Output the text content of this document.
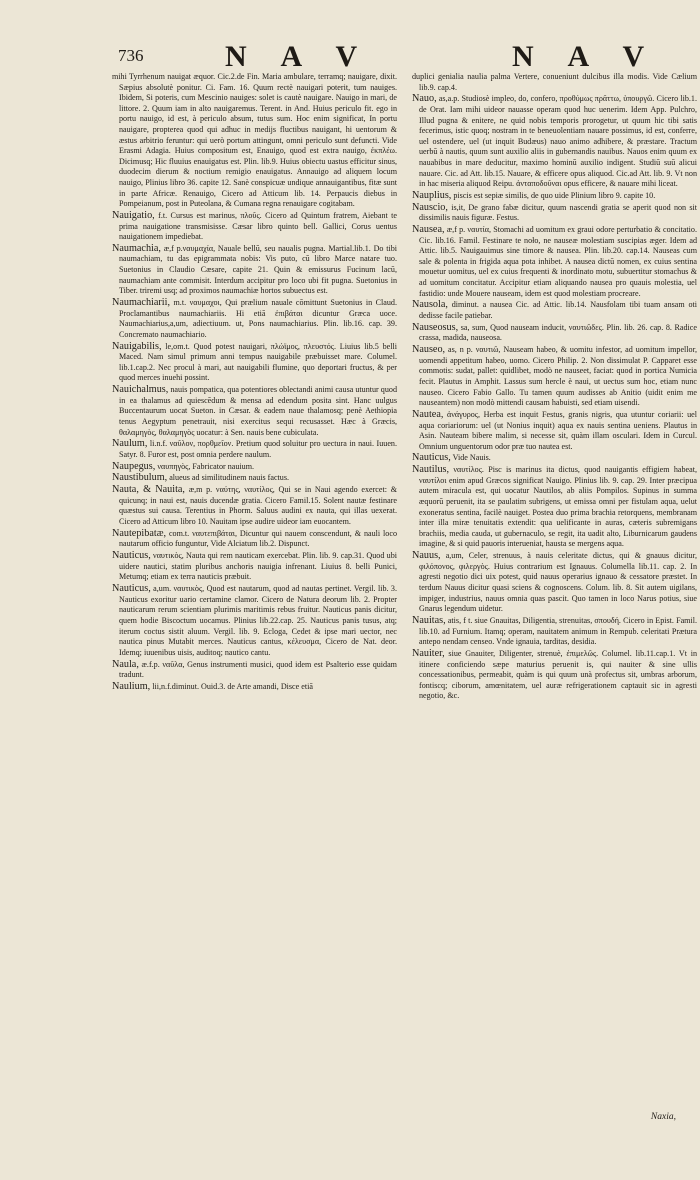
736	N A V	N A V

mihi Tyrrhenum nauigat æquor. Cic.2.de Fin. Maria ambulare, terramq; nauigare, dixit. Sæpius absolutè ponitur. Ci. Fam. 16. Quum rectè nauigari poterit, tum nauiges. Ibidem, Si poteris, cum Mescinio nauiges: solet is cautè nauigare. Nauigo in mari, de littore. 2. Quum iam in alto nauigaremus. Terent. in And. Huius periculo fit. ego in portu nauigo, id est, à periculo absum, tutus sum. Hoc enim significat, In portu nauigare, propterea quod qui adhuc in medijs fluctibus nauigant, hi uentorum & æstus arbitrio feruntur: qui uerò portum attingunt, omni periculo sunt defuncti. Vide Erasmi Adagia. Huius compositum est, Enauigo, quod est extra nauigo, ἐκπλέω. Dicimusq; Hic fluuius enauigatus est. Plin. lib.9. Huius obiectu uastus efficitur sinus, duodecim dierum & noctium remigio enauigatus. Annauigo ad aliquem locum nauigo, Plinius libro 36. capite 12. Sanè conspicuæ undique annauigantibus, fitæ sunt in parte Africæ. Renauigo, Cicero ad Atticum lib. 14. Perpaucis diebus in Pompeianum, post in Puteolana, & Cumana regna renauigare cogitabam.

Nauigatio, f.t. Cursus est marinus, πλοῦς. Cicero ad Quintum fratrem, Aiebant te prima nauigatione transmisisse. Cæsar libro quinto bell. Gallici, Corus uentus nauigationem impediebat.

Naumachia, æ,f p.ναυμαχία, Nauale bellū, seu naualis pugna. Martial.lib.1. Do tibi naumachiam, tu das epigrammata nobis: Vis puto, cū libro Marce natare tuo. Suetonius in Claudio Cæsare, capite 21. Quin & emissurus Fucinum lacū, naumachiam ante commisit. Interdum accipitur pro loco ubi fit pugna. Suetonius in Tiber. triremi usq; ad proximos naumachiæ hortos subuectus est.

Naumachiarii, m.t. ναυμαχοι, Qui prælium nauale cōmittunt Suetonius in Claud. Proclamantibus naumachiariis. Hi etiā ἐπιβάται dicuntur Græca uoce. Naumachiarius,a,um, adiectiuum. ut, Pons naumachiarius. Plin. lib.16. cap. 39. Concremato naumachiario.

Nauigabilis, le,om.t. Quod potest nauigari, πλώϊμος, πλευστός. Liuius lib.5 belli Maced. Nam simul primum anni tempus nauigabile præbuisset mare. Columel. lib.1.cap.2. Nec procul à mari, aut nauigabili flumine, quo deportari fructus, & per quod merces inuehi possint.

Nauichalmus, nauis pompatica, qua potentiores oblectandi animi causa utuntur quod in ea thalamus ad quiescēdum & mensa ad edendum posita sint. Hanc uulgus Buccentaurum uocat Sueton. in Cæsar. & eadem naue thalamosq; penè Aethiopia tenus Aegyptum penetrauit, nisi exercitus sequi recusasset. Hæc à Græcis, θαλαμηγὸς, θαλαμηγὸς uocatur: à Sen. nauis bene cubiculata.

Naulum, li.n.f. ναῦλον, πορθμεῖον. Pretium quod soluitur pro uectura in naui. Iuuen. Satyr. 8. Furor est, post omnia perdere naulum.

Naupegus, ναυπηγὸς, Fabricator nauium.

Naustibulum, alueus ad similitudinem nauis factus.

Nauta, & Nauita, æ,m p. ναύτης, ναυτίλος, Qui se in Naui agendo exercet: & quicunq; in naui est, nauis ducendæ gratia. Cicero Famil.15. Solent nautæ festinare quæstus sui causa. Terentius in Phorm. Saluus audini ex nauta, qui illas uexerat. Cicero ad Atticum libro 10. Nauitam ipse audire uideor iam euocantem.

Nautepibatæ, com.t. ναυτεπιβάται, Dicuntur qui nauem conscendunt, & nauli loco nautarum officio funguntur, Vide Alciatum lib.2. Dispunct.

Nauticus, ναυτικὸς, Nauta qui rem nauticam exercebat. Plin. lib. 9. cap.31. Quod ubi uidere nautici, statim pluribus anchoris nauigia infrenant. Liuius 8. belli Punici, Metumq; etiam ex terra nauticis præbuit.

Nauticus, a,um. ναυτικὸς, Quod est nautarum, quod ad nautas pertinet. Vergil. lib. 3. Nauticus exoritur uario certamine clamor. Cicero de Natura deorum lib. 2. Propter nauticarum rerum scientiam plurimis maritimis rebus fruitur. Nauticus panis dicitur, quem hodie Biscoctum uocamus. Plinius lib.22.cap. 25. Nauticus panis tusus, atq; iterum coctus sistit aluum. Vergil. lib. 9. Ecloga, Cedet & ipse mari uector, nec nautica pinus Mutabit merces. Nauticus cantus, κέλευσμα, Cicero de Nat. deor. Idemq; iuuenibus uisis, auditoq; nautico cantu.

Naula, æ.f.p. ναῦλα, Genus instrumenti musici, quod idem est Psalterio esse quidam tradunt.

Naulium, lii,n.f.diminut. Ouid.3. de Arte amandi, Disce etiā

duplici genialia naulia palma Vertere, conueniunt dulcibus illa modis. Vide Cælium lib.9. cap.4.

Nauo, as,a.p. Studiosè impleo, do, confero, προθύμως πρᾶττω, ὑπουργῶ. Cicero lib.1. de Orat. Iam mihi uideor nauasse operam quod huc uenerim. Idem App. Pulchro, Illud pugna & enitere, ne quid nobis temporis prorogetur, ut quum hic tibi satis fecerimus, istic quoq; nostram in te beneuolentiam nauare possimus, id est, conferre, uel ostendere, uel (ut inquit Budæus) nauo animo adhibere, & præstare. Tractum uerbū à nautis, quum sunt auxilio aliis in gubernandis nauibus. Nauos enim quum ex nauabibus in mare deducitur, maximo hominū auxilio indigent. Studiū suū alicui nauare. Cic. ad Att. lib.15. Nauare, & efficere opus aliquod. Cic.ad Att. lib. 9. Vt non in hac miseria aliquod Reipu. ἀνταποδοῦναι opus efficere, & nauare mihi liceat.

Nauplius, piscis est sepiæ similis, de quo uide Plinium libro 9. capite 10.

Nauscio, is,it, De grano fabæ dicitur, quum nascendi gratia se aperit quod non sit dissimilis nauis figuræ. Festus.

Nausea, æ,f p. ναυτία, Stomachi ad uomitum ex graui odore perturbatio & concitatio. Cic. lib.16. Famil. Festinare te noło, ne nauseæ molestiam suscipias æger. Idem ad Attic. lib.5. Nauigauimus sine timore & nausea. Plin. lib.20. cap.14. Nauseas cum sale & polenta in frigida aqua pota inhibet. A nausea dictū nomen, ex cuius sentina mouetur uomitus, uel ex cuius frequenti & inordinato motu, subuertitur stomachus & ad uomitum concitatur. Accipitur etiam aliquando nausea pro quauis molestia, uel fastidio: unde Mouere nauseam, idem est quod molestiam procreare.

Nausola, diminut. a nausea Cic. ad Attic. lib.14. Nausfolam tibi tuam ansam oti dedisse facile patiebar.

Nauseosus, sa, sum, Quod nauseam inducit, ναυτιῶδες. Plin. lib. 26. cap. 8. Radice crassa, madida, nauseosa.

Nauseo, as, n p. ναυτιῶ, Nauseam habeo, & uomitu infestor, ad uomitum impellor, uomendi appetitum habeo, uomo. Cicero Philip. 2. Non dissimulat P. Capparet esse commotis: sudat, pallet: quidlibet, modò ne nauseet, faciat: quod in portica Numicia fecit. Plautus in Amphit. Lassus sum hercle è naui, ut uectus sum hoc, etiam nunc nauseo. Cicero Fabio Gallo. Tu tamen quum audisses ab Anitio (uidit enim me nauseantem) non modò mittendi causam habuisti, sed etiam uisendi.

Nautea, ἀνάγυρος, Herba est inquit Festus, granis nigris, qua utuntur coriarii: uel aqua coriariorum: uel (ut Nonius inquit) aqua ex nauis sentina ueniens. Plautus in Asin. Nauteam bibere malim, si necesse sit, quàm illam osculari. Idem in Curcul. Omnium unguentorum odor præ tuo nautea est.

Nauticus, Vide Nauis.

Nautilus, ναυτίλος. Pisc is marinus ita dictus, quod nauigantis effigiem habeat, ναυτίλοι enim apud Græcos significat Nauigo. Plinius lib. 9. cap. 29. Inter præcipua autem miracula est, qui uocatur Nautilos, ab aliis Pompilos. Supinus in summa æquorū peruenit, ita se paulatim subrigens, ut emissa omni per fistulam aqua, uelut exoneratus sentina, facilè nauiget. Postea duo prima brachia retorquens, membranam inter illa miræ tenuitatis extendit: qua uelificante in auras, cæteris subremigans brachiis, media cauda, ut gubernaculo, se regit, ita uadit alto, Liburnicarum gaudens imagine, & si quid pauoris interueniat, hausta se mergens aqua.

Nauus, a,um, Celer, strenuus, à nauis celeritate dictus, qui & gnauus dicitur, φιλόπονος, φιλεργὸς. Huius contrarium est Ignauus. Columella lib.11. cap. 2. In agresti negotio dici uix potest, quid nauus operarius ignauo & cessatore præstet. In terdum Nauus dicitur quasi sciens & cognoscens. Colum. lib. 8. Sit autem uigilans, impiger, industrius, nauus omnia quas pascit. Quo tamen in loco Narus potius, siue Gnarus legendum uidetur.

Nauitas, atis, f t. siue Gnauitas, Diligentia, strenuitas, σπουδή. Cicero in Epist. Famil. lib.10. ad Furnium. Itamq; operam, nauitatem animum in Rempub. celeritati Prætura antepo nendam censeo. Vnde ignauia, tarditas, desidia.

Nauiter, siue Gnauiter, Diligenter, strenuè, ἐπιμελῶς. Columel. lib.11.cap.1. Vt in itinere conficiendo sæpe maturius peruenit is, qui nauiter & sine ullis concessationibus, permeabit, quàm is qui quum unà profectus sit, umbras arborum, fontiscq; ciborum, amœnitatem, uel auræ refrigerationem captauit sic in agresti negotio, &c.

Naxia,
